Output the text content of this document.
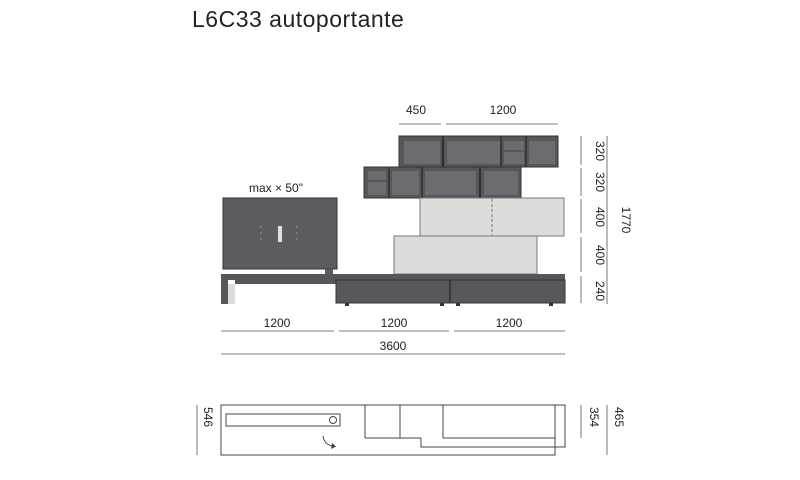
L6C33 autoportante
max × 50"
450	1200
1200	1200	1200
3600
320
320
400
400
240
1770
546	354 465
